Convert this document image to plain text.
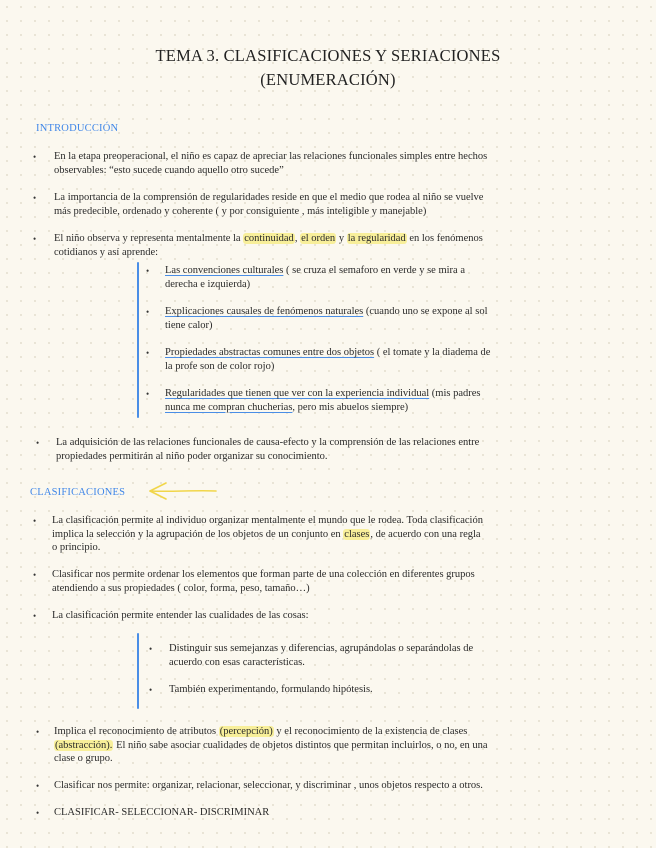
TEMA 3. CLASIFICACIONES Y SERIACIONES
(ENUMERACIÓN)
INTRODUCCIÓN
• En la etapa preoperacional, el niño es capaz de apreciar las relaciones funcionales simples entre hechos
observables: “esto sucede cuando aquello otro sucede”
• La importancia de la comprensión de regularidades reside en que el medio que rodea al niño se vuelve
más predecible, ordenado y coherente ( y por consiguiente , más inteligible y manejable)
• El niño observa y representa mentalmente la continuidad, el orden y la regularidad en los fenómenos
cotidianos y así aprende:
• Las convenciones culturales ( se cruza el semaforo en verde y se mira a
derecha e izquierda)
• Explicaciones causales de fenómenos naturales (cuando uno se expone al sol
tiene calor)
• Propiedades abstractas comunes entre dos objetos ( el tomate y la diadema de
la profe son de color rojo)
• Regularidades que tienen que ver con la experiencia individual (mis padres
nunca me compran chucherias, pero mis abuelos siempre)
• La adquisición de las relaciones funcionales de causa-efecto y la comprensión de las relaciones entre
propiedades permitirán al niño poder organizar su conocimiento.
CLASIFICACIONES
• La clasificación permite al individuo organizar mentalmente el mundo que le rodea. Toda clasificación
implica la selección y la agrupación de los objetos de un conjunto en clases, de acuerdo con una regla
o principio.
• Clasificar nos permite ordenar los elementos que forman parte de una colección en diferentes grupos
atendiendo a sus propiedades ( color, forma, peso, tamaño…)
• La clasificación permite entender las cualidades de las cosas:
• Distinguir sus semejanzas y diferencias, agrupándolas o separándolas de
acuerdo con esas características.
• También experimentando, formulando hipótesis.
• Implica el reconocimiento de atributos (percepción) y el reconocimiento de la existencia de clases
(abstracción). El niño sabe asociar cualidades de objetos distintos que permitan incluirlos, o no, en una
clase o grupo.
• Clasificar nos permite: organizar, relacionar, seleccionar, y discriminar , unos objetos respecto a otros.
• CLASIFICAR- SELECCIONAR- DISCRIMINAR
